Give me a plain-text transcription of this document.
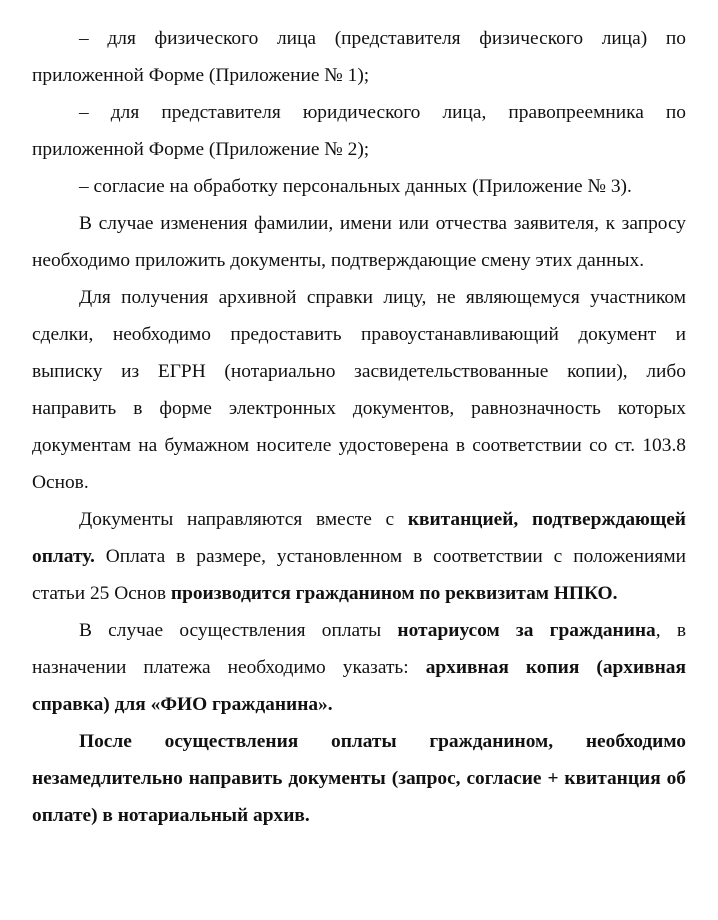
– для физического лица (представителя физического лица) по приложенной Форме (Приложение № 1);

– для представителя юридического лица, правопреемника по приложенной Форме (Приложение № 2);

– согласие на обработку персональных данных (Приложение № 3).

В случае изменения фамилии, имени или отчества заявителя, к запросу необходимо приложить документы, подтверждающие смену этих данных.

Для получения архивной справки лицу, не являющемуся участником сделки, необходимо предоставить правоустанавливающий документ и выписку из ЕГРН (нотариально засвидетельствованные копии), либо направить в форме электронных документов, равнозначность которых документам на бумажном носителе удостоверена в соответствии со ст. 103.8 Основ.

Документы направляются вместе с квитанцией, подтверждающей оплату. Оплата в размере, установленном в соответствии с положениями статьи 25 Основ производится гражданином по реквизитам НПКО.

В случае осуществления оплаты нотариусом за гражданина, в назначении платежа необходимо указать: архивная копия (архивная справка) для «ФИО гражданина».

После осуществления оплаты гражданином, необходимо незамедлительно направить документы (запрос, согласие + квитанция об оплате) в нотариальный архив.
